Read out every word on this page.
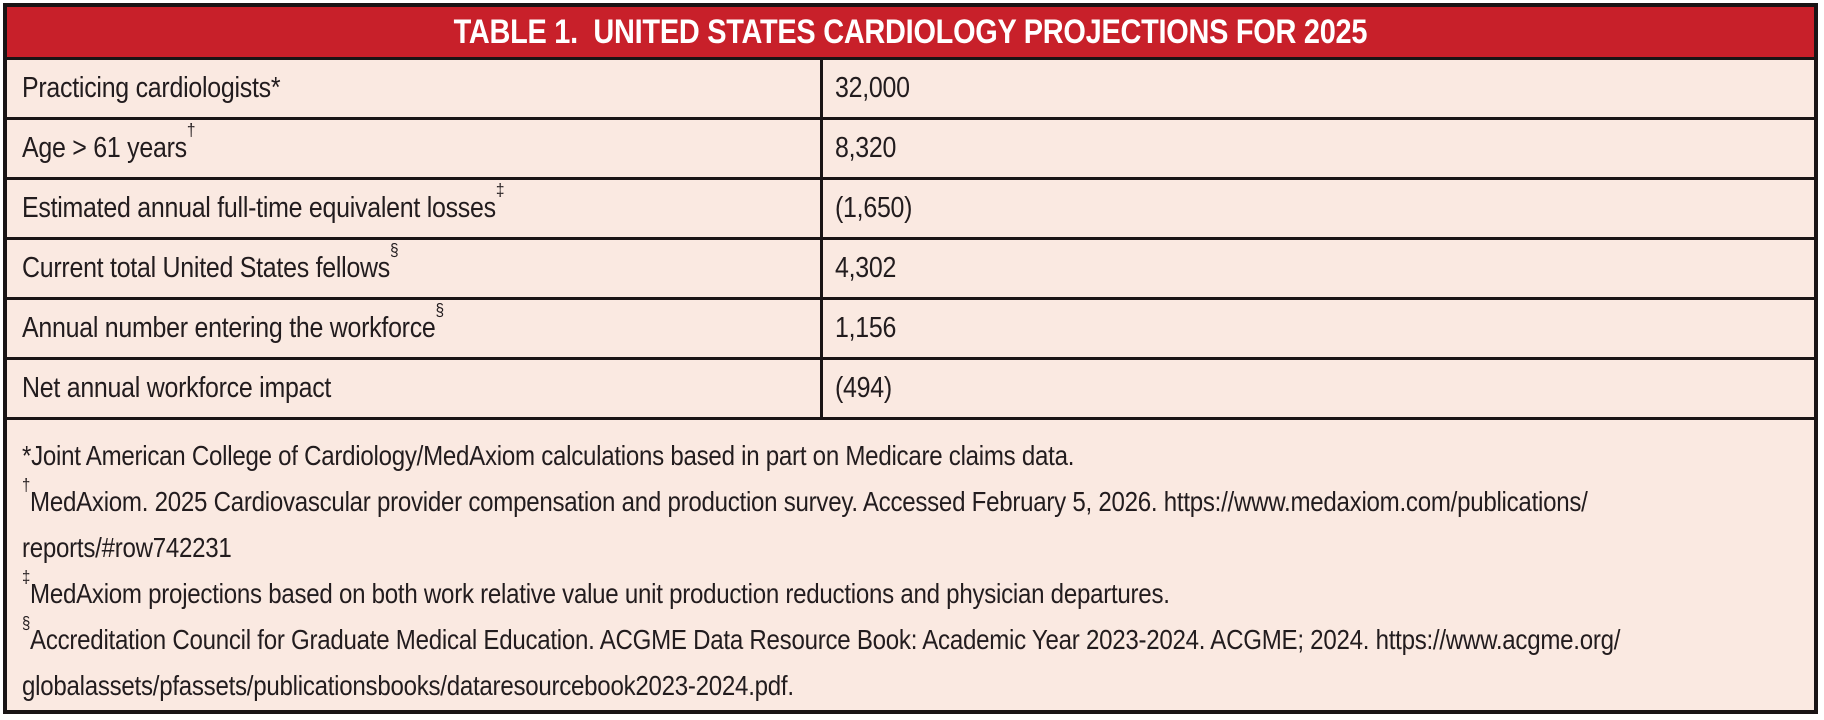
TABLE 1.  UNITED STATES CARDIOLOGY PROJECTIONS FOR 2025
Practicing cardiologists*	32,000
Age > 61 years†
8,320
Estimated annual full-time equivalent losses‡
(1,650)
Current total United States fellows§
4,302
Annual number entering the workforce§
1,156
Net annual workforce impact	(494)
*Joint American College of Cardiology/MedAxiom calculations based in part on Medicare claims data.
†MedAxiom. 2025 Cardiovascular provider compensation and production survey. Accessed February 5, 2026. https://www.medaxiom.com/publications/
reports/#row742231
‡MedAxiom projections based on both work relative value unit production reductions and physician departures.
§Accreditation Council for Graduate Medical Education. ACGME Data Resource Book: Academic Year 2023-2024. ACGME; 2024. https://www.acgme.org/
globalassets/pfassets/publicationsbooks/dataresourcebook2023-2024.pdf.
